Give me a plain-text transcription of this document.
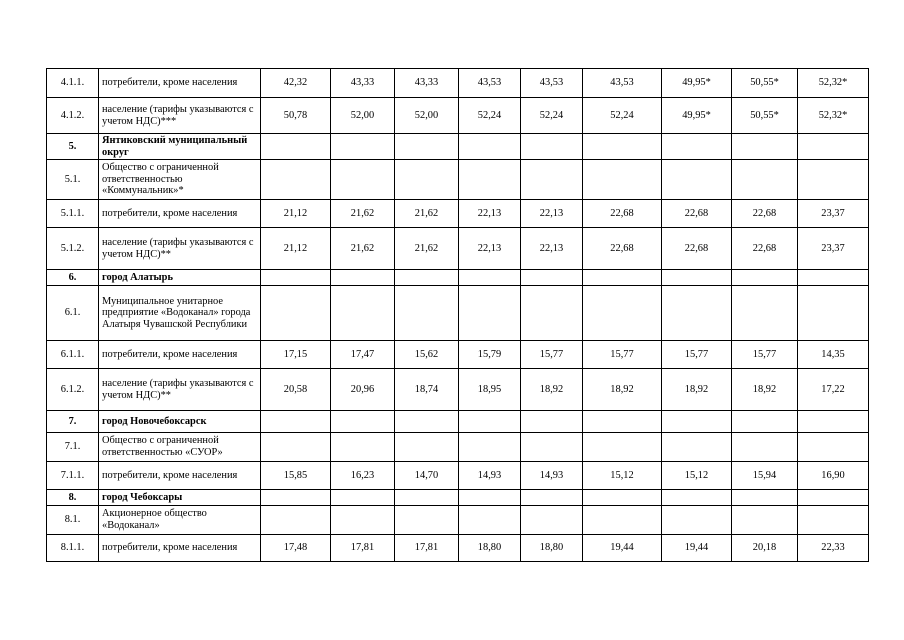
4.1.1.	потребители, кроме населения	42,32	43,33	43,33	43,53	43,53	43,53	49,95*	50,55*	52,32*
4.1.2.	население (тарифы указываются с учетом НДС)***	50,78	52,00	52,00	52,24	52,24	52,24	49,95*	50,55*	52,32*
5.	Янтиковский муниципальный округ									
5.1.	Общество с ограниченной ответственностью «Коммунальник»*									
5.1.1.	потребители, кроме населения	21,12	21,62	21,62	22,13	22,13	22,68	22,68	22,68	23,37
5.1.2.	население (тарифы указываются с учетом НДС)**	21,12	21,62	21,62	22,13	22,13	22,68	22,68	22,68	23,37
6.	город Алатырь									
6.1.	Муниципальное унитарное предприятие «Водоканал» города Алатыря Чувашской Республики									
6.1.1.	потребители, кроме населения	17,15	17,47	15,62	15,79	15,77	15,77	15,77	15,77	14,35
6.1.2.	население (тарифы указываются с учетом НДС)**	20,58	20,96	18,74	18,95	18,92	18,92	18,92	18,92	17,22
7.	город Новочебоксарск									
7.1.	Общество с ограниченной ответственностью «СУОР»									
7.1.1.	потребители, кроме населения	15,85	16,23	14,70	14,93	14,93	15,12	15,12	15,94	16,90
8.	город Чебоксары									
8.1.	Акционерное общество «Водоканал»									
8.1.1.	потребители, кроме населения	17,48	17,81	17,81	18,80	18,80	19,44	19,44	20,18	22,33
